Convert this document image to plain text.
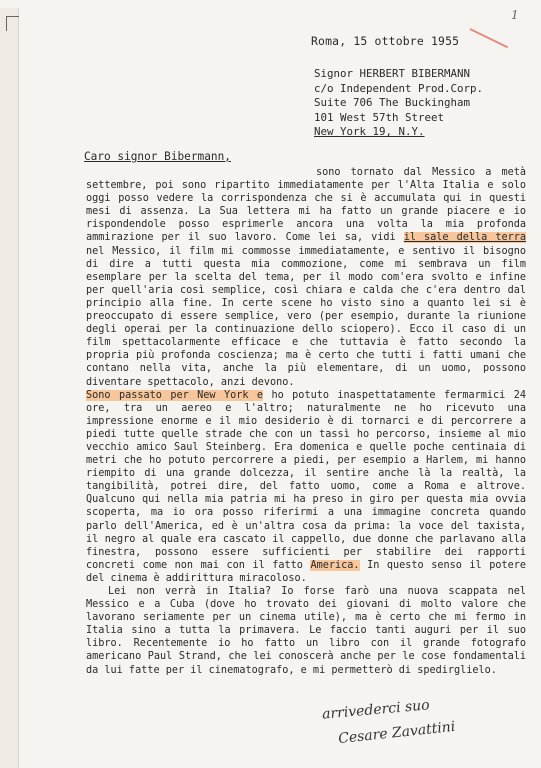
1
Roma, 15 ottobre 1955
Signor HERBERT BIBERMANN
c/o Independent Prod.Corp.
Suite 706 The Buckingham
101 West 57th Street
New York 19, N.Y.
Caro signor Bibermann,

sono tornato dal Messico a metà settembre, poi sono ripartito immediatamente per l'Alta Italia e solo oggi posso vedere la corrispondenza che si è accumulata qui in questi mesi di assenza. La Sua lettera mi ha fatto un grande piacere e io rispondendole posso esprimerle ancora una volta la mia profonda ammirazione per il suo lavoro. Come lei sa, vidi il sale della terra nel Messico, il film mi commosse immediatamente, e sentivo il bisogno di dire a tutti questa mia commozione, come mi sembrava un film esemplare per la scelta del tema, per il modo com'era svolto e infine per quell'aria così semplice, così chiara e calda che c'era dentro dal principio alla fine. In certe scene ho visto sino a quanto lei si è preoccupato di essere semplice, vero (per esempio, durante la riunione degli operai per la continuazione dello sciopero). Ecco il caso di un film spettacolarmente efficace e che tuttavia è fatto secondo la propria più profonda coscienza; ma è certo che tutti i fatti umani che contano nella vita, anche la più elementare, di un uomo, possono diventare spettacolo, anzi devono.

Sono passato per New York e ho potuto inaspettatamente fermarmici 24 ore, tra un aereo e l'altro; naturalmente ne ho ricevuto una impressione enorme e il mio desiderio è di tornarci e di percorrere a piedi tutte quelle strade che con un tassì ho percorso, insieme al mio vecchio amico Saul Steinberg. Era domenica e quelle poche centinaia di metri che ho potuto percorrere a piedi, per esempio a Harlem, mi hanno riempito di una grande dolcezza, il sentire anche là la realtà, la tangibilità, potrei dire, del fatto uomo, come a Roma e altrove. Qualcuno qui nella mia patria mi ha preso in giro per questa mia ovvia scoperta, ma io ora posso riferirmi a una immagine concreta quando parlo dell'America, ed è un'altra cosa da prima: la voce del taxista, il negro al quale era cascato il cappello, due donne che parlavano alla finestra, possono essere sufficienti per stabilire dei rapporti concreti come non mai con il fatto America. In questo senso il potere del cinema è addirittura miracoloso.

Lei non verrà in Italia? Io forse farò una nuova scappata nel Messico e a Cuba (dove ho trovato dei giovani di molto valore che lavorano seriamente per un cinema utile), ma è certo che mi fermo in Italia sino a tutta la primavera. Le faccio tanti auguri per il suo libro. Recentemente io ho fatto un libro con il grande fotografo americano Paul Strand, che lei conoscerà anche per le cose fondamentali da lui fatte per il cinematografo, e mi permetterò di spedirglielo.

arrivederci suo
Cesare Zavattini
